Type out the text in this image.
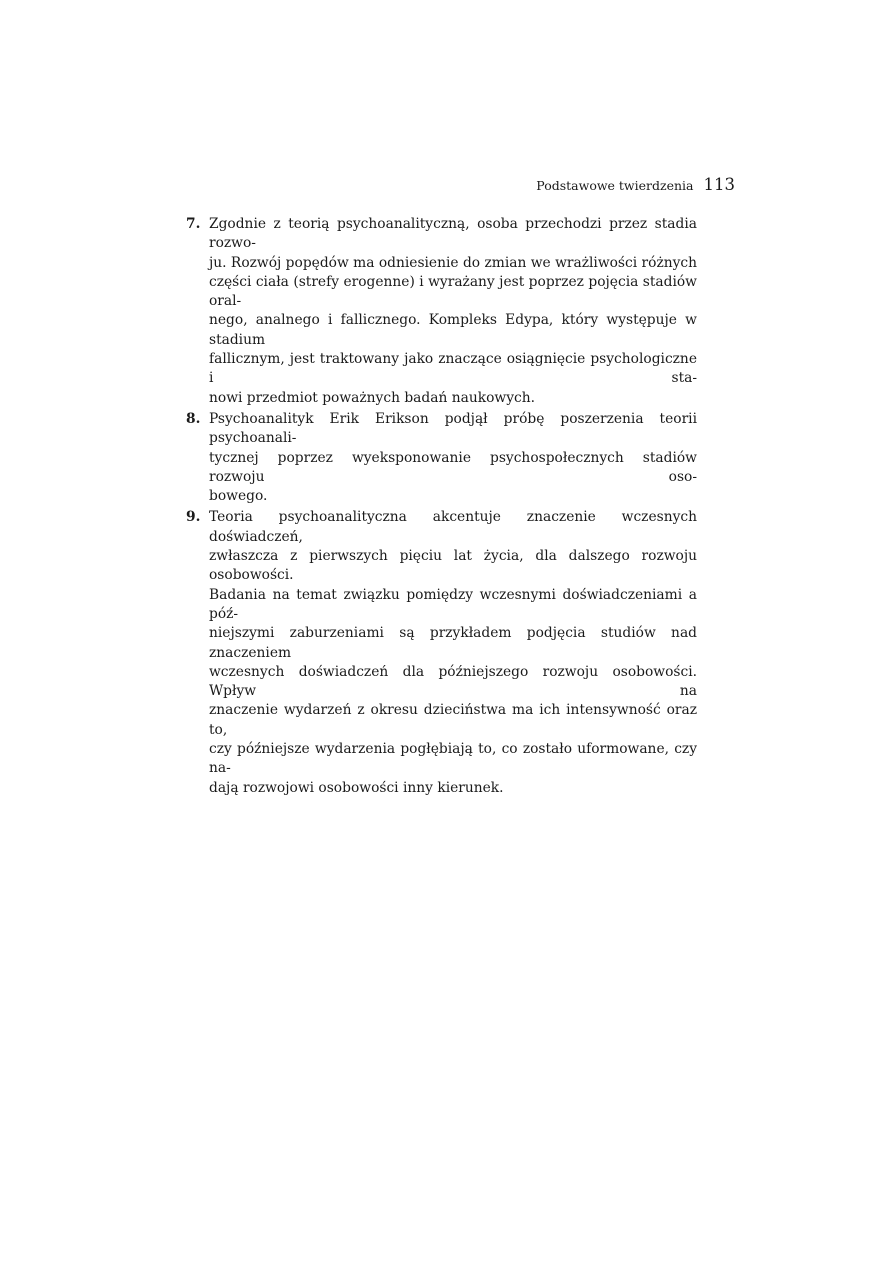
Podstawowe twierdzenia 113
7. Zgodnie z teorią psychoanalityczną, osoba przechodzi przez stadia rozwo-
ju. Rozwój popędów ma odniesienie do zmian we wrażliwości różnych
części ciała (strefy erogenne) i wyrażany jest poprzez pojęcia stadiów oral-
nego, analnego i fallicznego. Kompleks Edypa, który występuje w stadium
fallicznym, jest traktowany jako znaczące osiągnięcie psychologiczne i sta-
nowi przedmiot poważnych badań naukowych.
8. Psychoanalityk Erik Erikson podjął próbę poszerzenia teorii psychoanali-
tycznej poprzez wyeksponowanie psychospołecznych stadiów rozwoju oso-
bowego.
9. Teoria psychoanalityczna akcentuje znaczenie wczesnych doświadczeń,
zwłaszcza z pierwszych pięciu lat życia, dla dalszego rozwoju osobowości.
Badania na temat związku pomiędzy wczesnymi doświadczeniami a póź-
niejszymi zaburzeniami są przykładem podjęcia studiów nad znaczeniem
wczesnych doświadczeń dla późniejszego rozwoju osobowości. Wpływ na
znaczenie wydarzeń z okresu dzieciństwa ma ich intensywność oraz to,
czy późniejsze wydarzenia pogłębiają to, co zostało uformowane, czy na-
dają rozwojowi osobowości inny kierunek.
